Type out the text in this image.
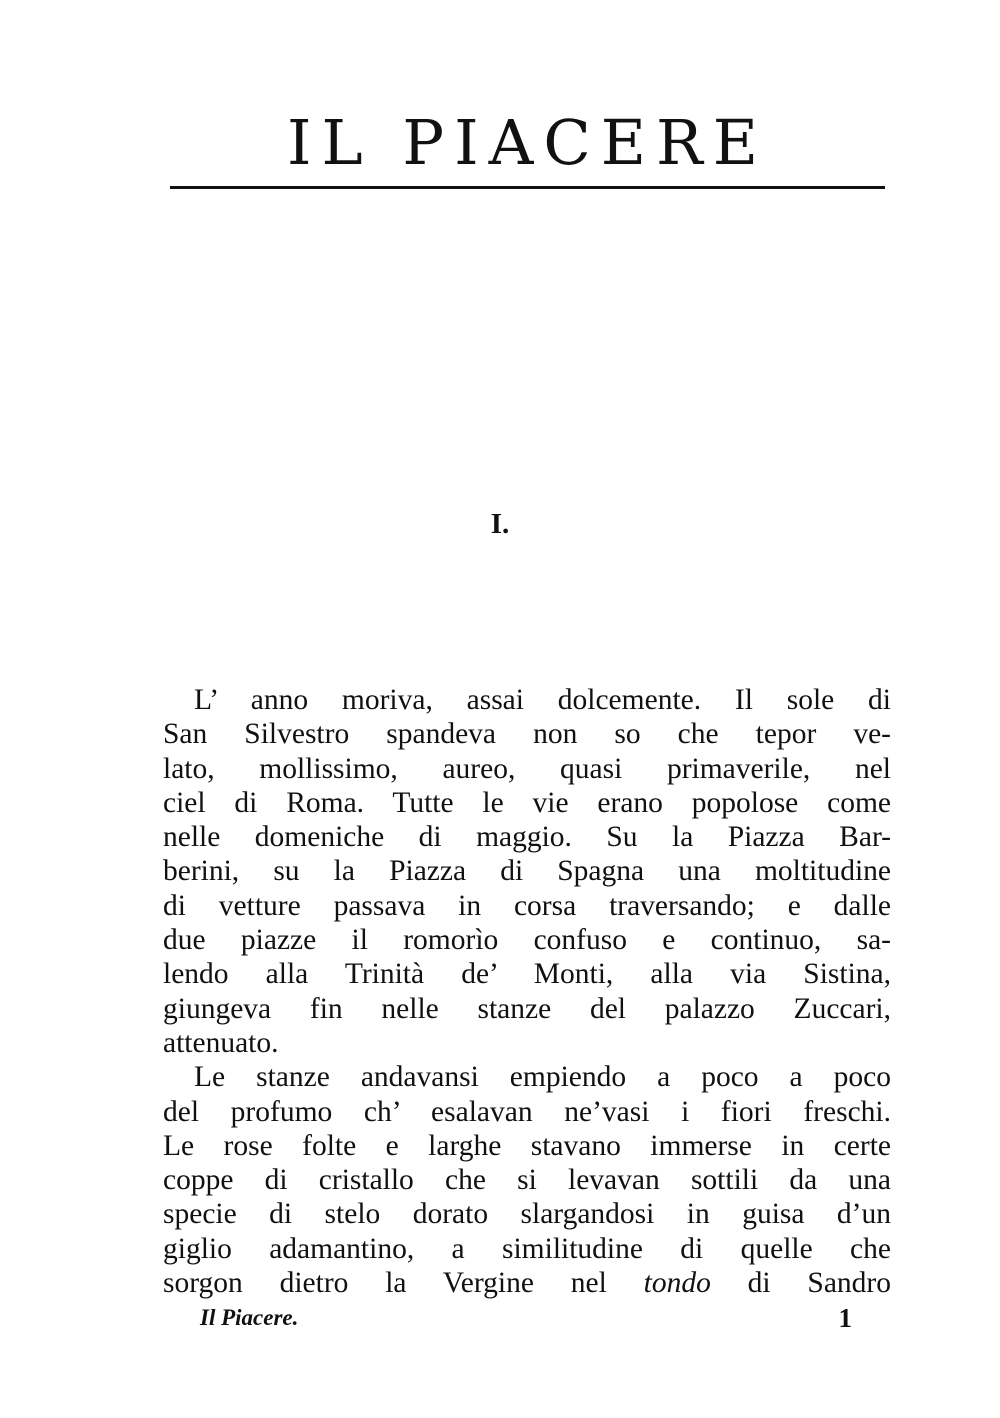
IL PIACERE
I.
L’ anno moriva, assai dolcemente. Il sole di
San Silvestro spandeva non so che tepor ve-
lato, mollissimo, aureo, quasi primaverile, nel
ciel di Roma. Tutte le vie erano popolose come
nelle domeniche di maggio. Su la Piazza Bar-
berini, su la Piazza di Spagna una moltitudine
di vetture passava in corsa traversando; e dalle
due piazze il romorìo confuso e continuo, sa-
lendo alla Trinità de’ Monti, alla via Sistina,
giungeva fin nelle stanze del palazzo Zuccari,
attenuato.
Le stanze andavansi empiendo a poco a poco
del profumo ch’ esalavan ne’vasi i fiori freschi.
Le rose folte e larghe stavano immerse in certe
coppe di cristallo che si levavan sottili da una
specie di stelo dorato slargandosi in guisa d’un
giglio adamantino, a similitudine di quelle che
sorgon dietro la Vergine nel tondo di Sandro
Il Piacere.	1
